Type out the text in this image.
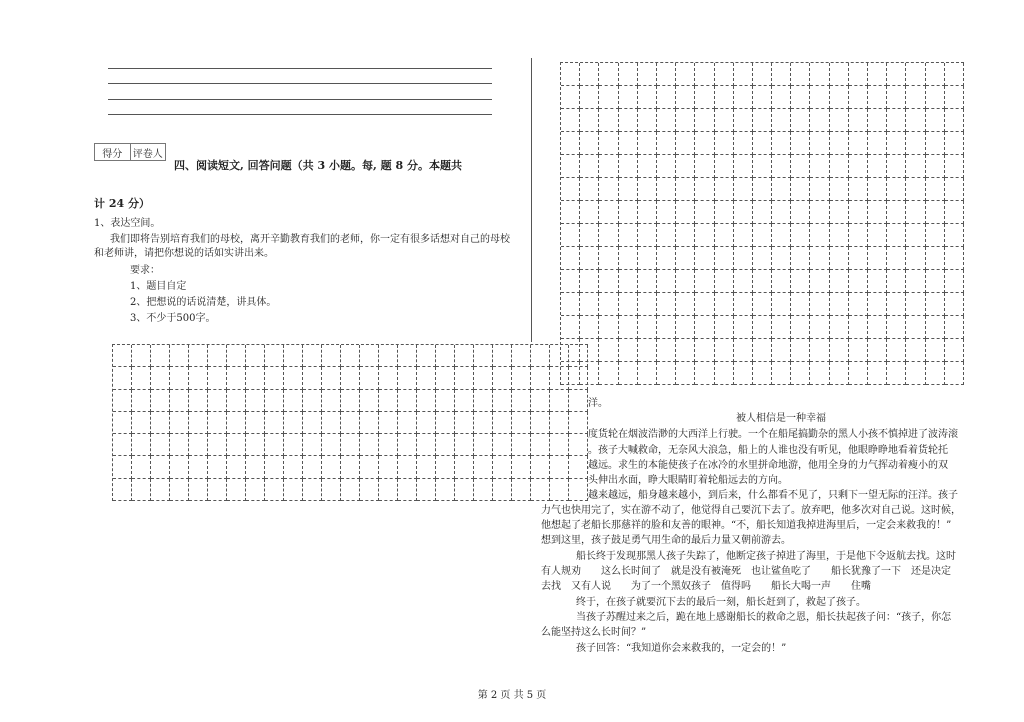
得分	评卷人
四、阅读短文, 回答问题（共 3 小题。每, 题 8 分。本题共
计 24 分）
1、表达空间。
我们即将告别培育我们的母校，离开辛勤教育我们的老师，你一定有很多话想对自己的母校
和老师讲，请把你想说的话如实讲出来。
要求：
1、题目自定
2、把想说的话说清楚，讲具体。
3、不少于500字。
洋。
被人相信是一种幸福
度货轮在烟波浩渺的大西洋上行驶。一个在船尾搞勤杂的黑人小孩不慎掉进了波涛滚
。孩子大喊救命，无奈风大浪急，船上的人谁也没有听见，他眼睁睁地看着货轮托
越远。求生的本能使孩子在冰冷的水里拼命地游，他用全身的力气挥动着瘦小的双
头伸出水面，睁大眼睛盯着轮船远去的方向。
越来越远，船身越来越小，到后来，什么都看不见了，只剩下一望无际的汪洋。孩子
力气也快用完了，实在游不动了，他觉得自己要沉下去了。放弃吧，他多次对自己说。这时候，
他想起了老船长那慈祥的脸和友善的眼神。“不，船长知道我掉进海里后，一定会来救我的！”
想到这里，孩子鼓足勇气用生命的最后力量又朝前游去。
船长终于发现那黑人孩子失踪了，他断定孩子掉进了海里，于是他下令返航去找。这时
有人规劝　　这么长时间了　就是没有被淹死　也让鲨鱼吃了　　船长犹豫了一下　还是决定
去找　又有人说　　为了一个黑奴孩子　值得吗　　船长大喝一声　　住嘴
终于，在孩子就要沉下去的最后一刻，船长赶到了，救起了孩子。
当孩子苏醒过来之后，跪在地上感谢船长的救命之恩，船长扶起孩子问：“孩子，你怎
么能坚持这么长时间？”
孩子回答：“我知道你会来救我的，一定会的！”
第 2 页 共 5 页
